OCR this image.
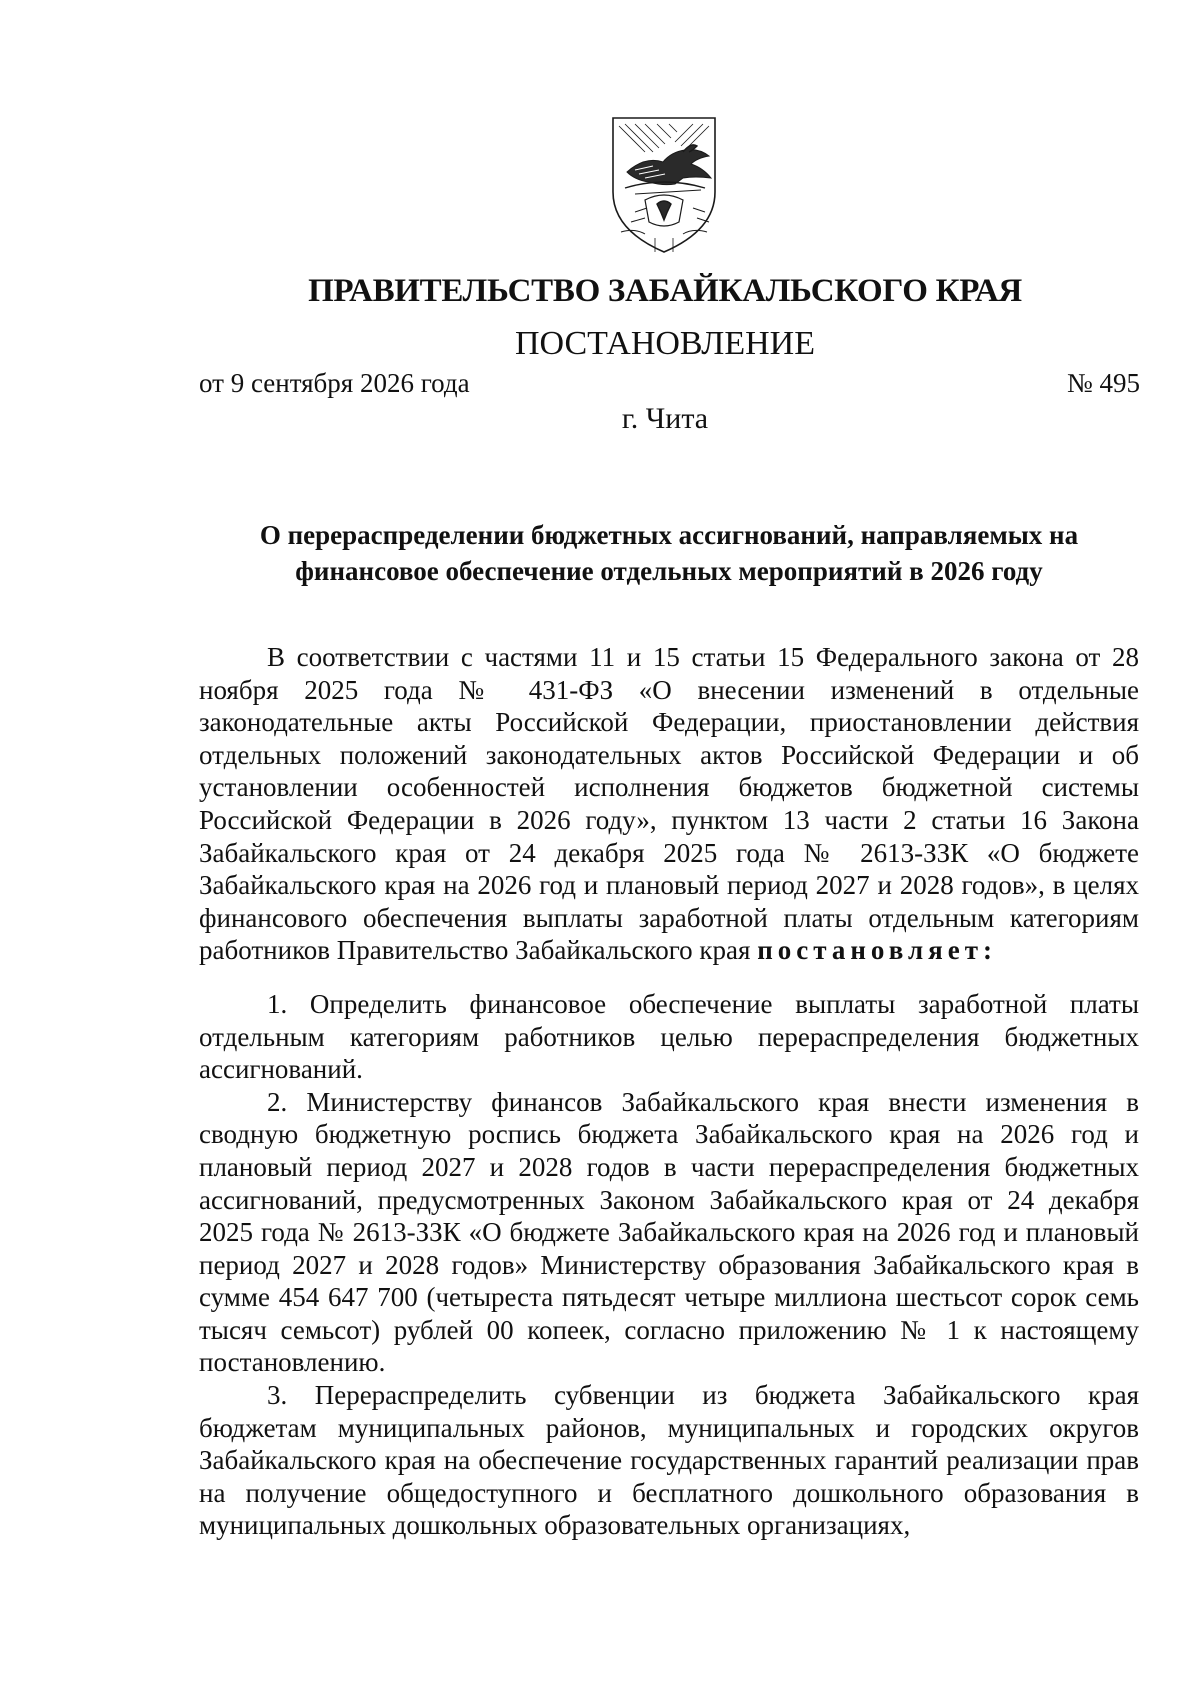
ПРАВИТЕЛЬСТВО ЗАБАЙКАЛЬСКОГО КРАЯ
ПОСТАНОВЛЕНИЕ
от 9 сентября 2026 года	№ 495
г. Чита
О перераспределении бюджетных ассигнований, направляемых на
финансовое обеспечение отдельных мероприятий в 2026 году

В соответствии с частями 11 и 15 статьи 15 Федерального закона от 28 ноября 2025 года № 431-ФЗ «О внесении изменений в отдельные законодательные акты Российской Федерации, приостановлении действия отдельных положений законодательных актов Российской Федерации и об установлении особенностей исполнения бюджетов бюджетной системы Российской Федерации в 2026 году», пунктом 13 части 2 статьи 16 Закона Забайкальского края от 24 декабря 2025 года № 2613-ЗЗК «О бюджете Забайкальского края на 2026 год и плановый период 2027 и 2028 годов», в целях финансового обеспечения выплаты заработной платы отдельным категориям работников Правительство Забайкальского края постановляет:

1. Определить финансовое обеспечение выплаты заработной платы отдельным категориям работников целью перераспределения бюджетных ассигнований.

2. Министерству финансов Забайкальского края внести изменения в сводную бюджетную роспись бюджета Забайкальского края на 2026 год и плановый период 2027 и 2028 годов в части перераспределения бюджетных ассигнований, предусмотренных Законом Забайкальского края от 24 декабря 2025 года № 2613-ЗЗК «О бюджете Забайкальского края на 2026 год и плановый период 2027 и 2028 годов» Министерству образования Забайкальского края в сумме 454 647 700 (четыреста пятьдесят четыре миллиона шестьсот сорок семь тысяч семьсот) рублей 00 копеек, согласно приложению № 1 к настоящему постановлению.

3. Перераспределить субвенции из бюджета Забайкальского края бюджетам муниципальных районов, муниципальных и городских округов Забайкальского края на обеспечение государственных гарантий реализации прав на получение общедоступного и бесплатного дошкольного образования в муниципальных дошкольных образовательных организациях,
